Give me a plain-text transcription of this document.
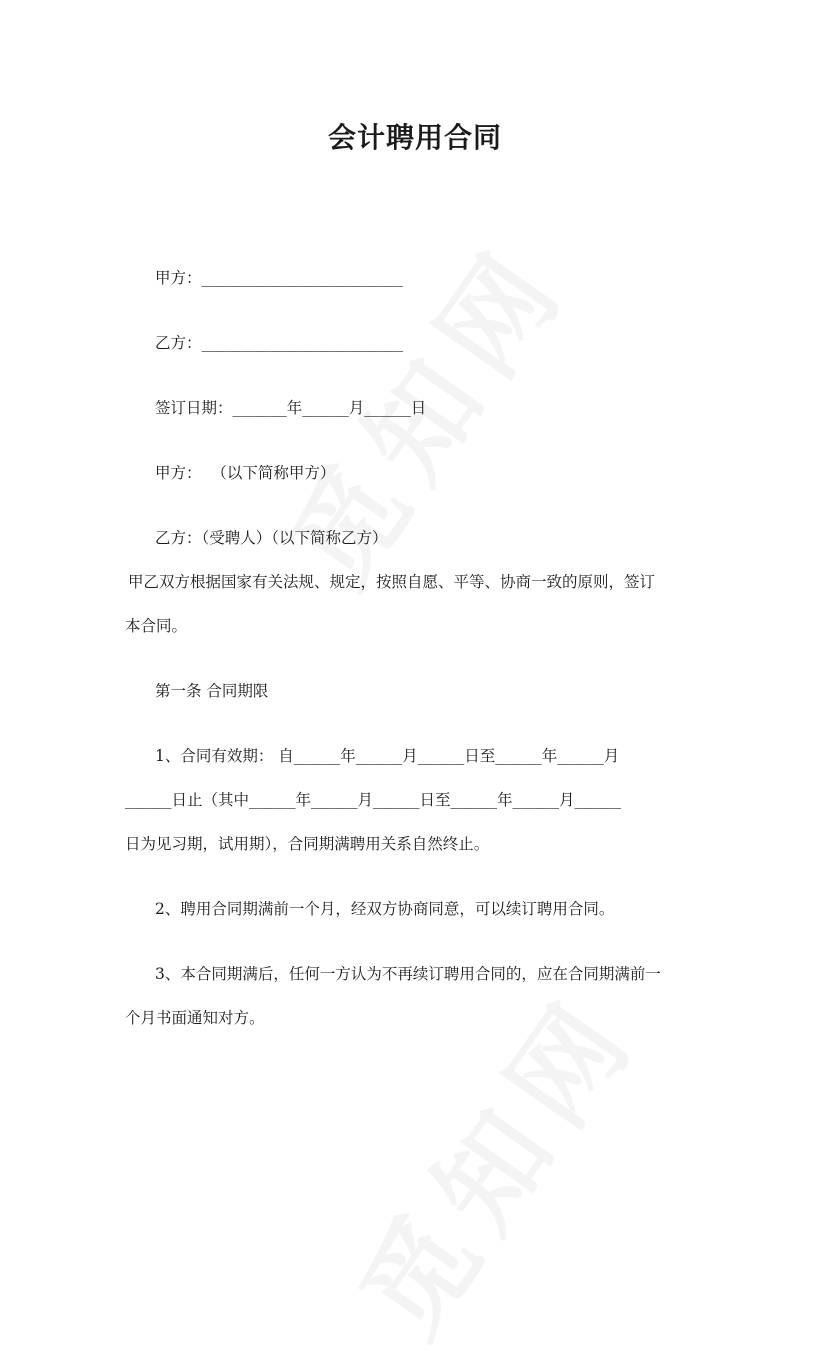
会计聘用合同
甲方：__________________________
乙方：__________________________
签订日期：_______年______月______日
甲方：  （以下简称甲方）
乙方：（受聘人）（以下简称乙方）
甲乙双方根据国家有关法规、规定，按照自愿、平等、协商一致的原则，签订
本合同。
第一条 合同期限
1、合同有效期： 自______年______月______日至______年______月
______日止（其中______年______月______日至______年______月______
日为见习期，试用期），合同期满聘用关系自然终止。
2、聘用合同期满前一个月，经双方协商同意，可以续订聘用合同。
3、本合同期满后，任何一方认为不再续订聘用合同的，应在合同期满前一
个月书面通知对方。
